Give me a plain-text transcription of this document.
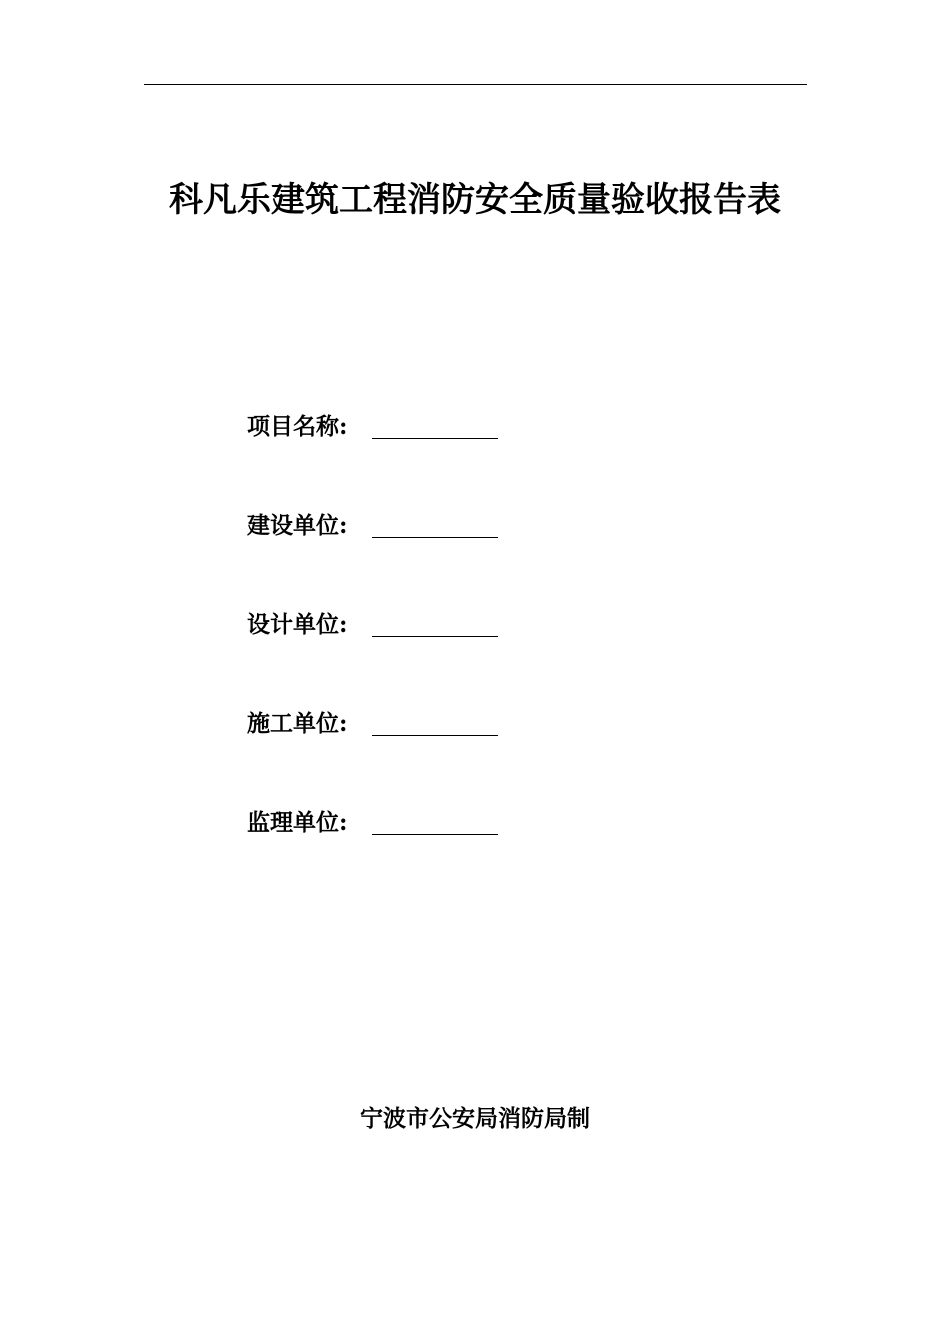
科凡乐建筑工程消防安全质量验收报告表
项目名称:
建设单位:
设计单位:
施工单位:
监理单位:
宁波市公安局消防局制
